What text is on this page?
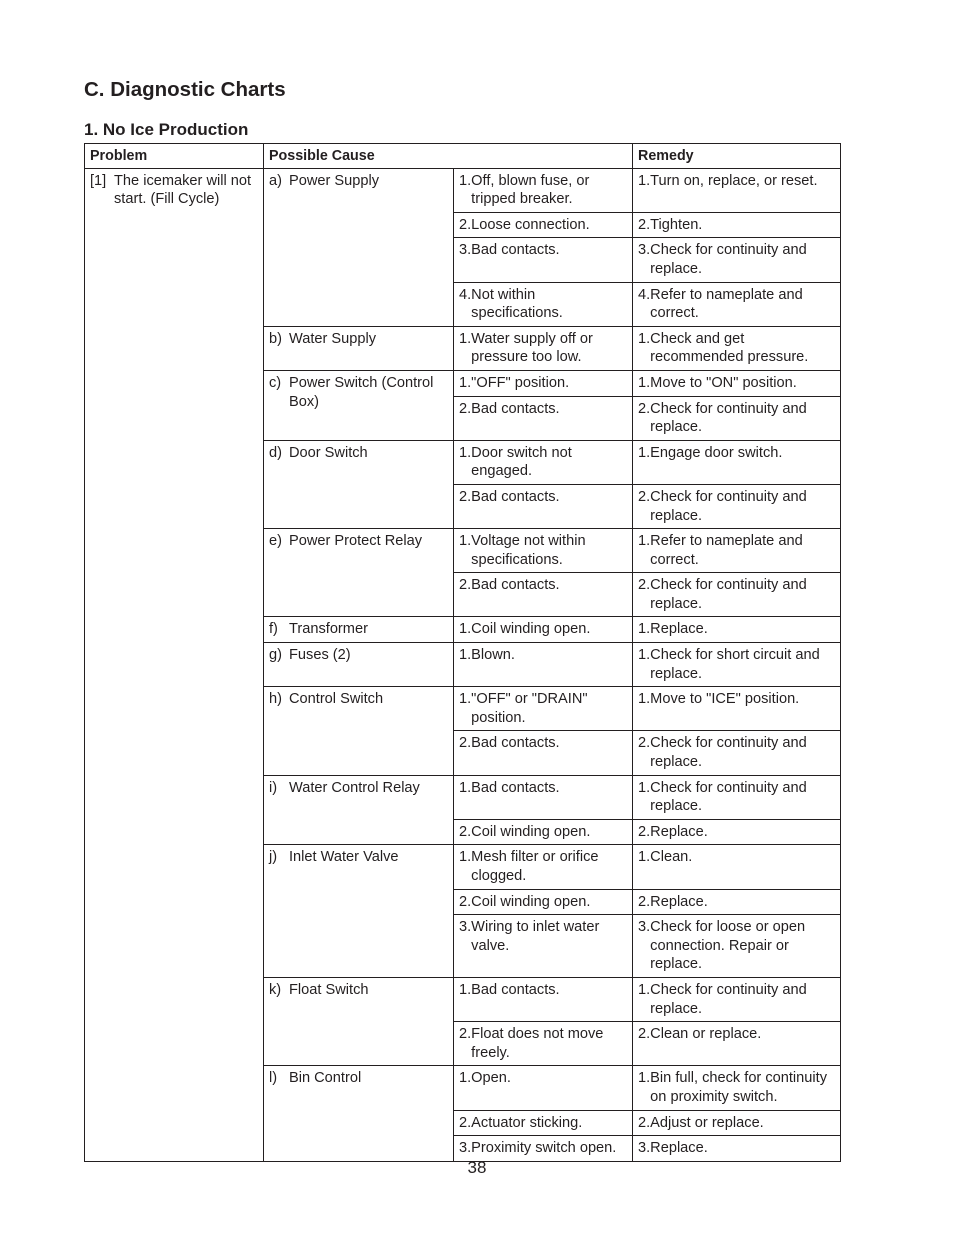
C. Diagnostic Charts
1. No Ice Production
Problem	Possible Cause		Remedy

[1] The icemaker will not start. (Fill Cycle)	a) Power Supply	1. Off, blown fuse, or tripped breaker.	1. Turn on, replace, or reset.

		2. Loose connection.	2. Tighten.

		3. Bad contacts.	3. Check for continuity and replace.

		4. Not within specifications.	4. Refer to nameplate and correct.

	b) Water Supply	1. Water supply off or pressure too low.	1. Check and get recommended pressure.

	c) Power Switch (Control Box)	1. "OFF" position.	1. Move to "ON" position.

		2. Bad contacts.	2. Check for continuity and replace.

	d) Door Switch	1. Door switch not engaged.	1. Engage door switch.

		2. Bad contacts.	2. Check for continuity and replace.

	e) Power Protect Relay	1. Voltage not within specifications.	1. Refer to nameplate and correct.

		2. Bad contacts.	2. Check for continuity and replace.

	f) Transformer	1. Coil winding open.	1. Replace.

	g) Fuses (2)	1. Blown.	1. Check for short circuit and replace.

	h) Control Switch	1. "OFF" or "DRAIN" position.	1. Move to "ICE" position.

		2. Bad contacts.	2. Check for continuity and replace.

	i) Water Control Relay	1. Bad contacts.	1. Check for continuity and replace.

		2. Coil winding open.	2. Replace.

	j) Inlet Water Valve	1. Mesh filter or orifice clogged.	1. Clean.

		2. Coil winding open.	2. Replace.

		3. Wiring to inlet water valve.	3. Check for loose or open connection. Repair or replace.

	k) Float Switch	1. Bad contacts.	1. Check for continuity and replace.

		2. Float does not move freely.	2. Clean or replace.

	l) Bin Control	1. Open.	1. Bin full, check for continuity on proximity switch.

		2. Actuator sticking.	2. Adjust or replace.

		3. Proximity switch open.	3. Replace.
38
